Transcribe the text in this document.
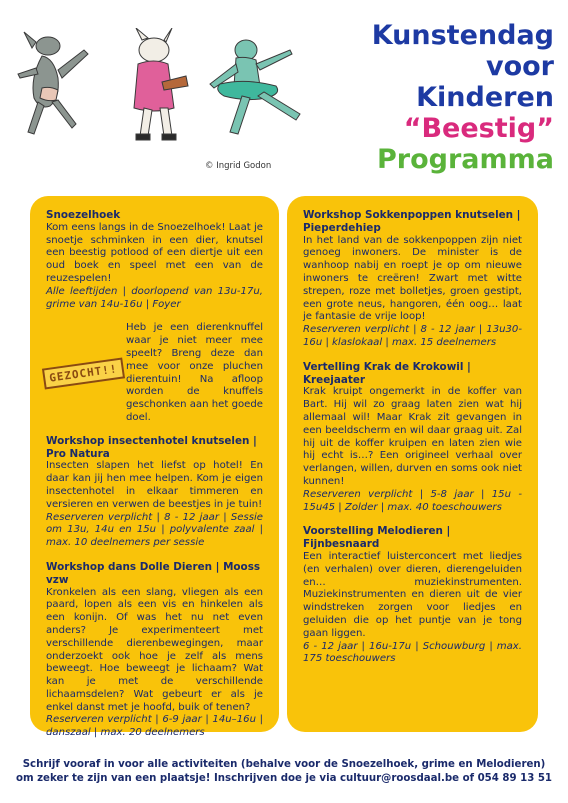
© Ingrid Godon
Kunstendag
voor
Kinderen
“Beestig”
Programma
Snoezelhoek

Kom eens langs in de Snoezelhoek! Laat je snoetje schminken in een dier, knutsel een beestig potlood of een diertje uit een oud boek en speel met een van de reuzespelen!

Alle leeftijden | doorlopend van 13u-17u, grime van 14u-16u | Foyer

GEZOCHT!!

Heb je een dierenknuffel waar je niet meer mee speelt? Breng deze dan mee voor onze pluchen dierentuin! Na afloop worden de knuffels geschonken aan het goede doel.

Workshop insectenhotel knutselen | Pro Natura

Insecten slapen het liefst op hotel! En daar kan jij hen mee helpen. Kom je eigen insectenhotel in elkaar timmeren en versieren en verwen de beestjes in je tuin!

Reserveren verplicht | 8 - 12 jaar | Sessie om 13u, 14u en 15u | polyvalente zaal | max. 10 deelnemers per sessie

Workshop dans Dolle Dieren | Mooss vzw

Kronkelen als een slang, vliegen als een paard, lopen als een vis en hinkelen als een konijn. Of was het nu net even anders? Je experimenteert met verschillende dierenbewegingen, maar onderzoekt ook hoe je zelf als mens beweegt. Hoe beweegt je lichaam? Wat kan je met de verschillende lichaamsdelen? Wat gebeurt er als je enkel danst met je hoofd, buik of tenen?

Reserveren verplicht | 6-9 jaar | 14u–16u | danszaal | max. 20 deelnemers

Workshop Sokkenpoppen knutselen | Pieperdehiep

In het land van de sokkenpoppen zijn niet genoeg inwoners. De minister is de wanhoop nabij en roept je op om nieuwe inwoners te creëren! Zwart met witte strepen, roze met bolletjes, groen gestipt, een grote neus, hangoren, één oog… laat je fantasie de vrije loop!

Reserveren verplicht | 8 - 12 jaar | 13u30-16u | klaslokaal | max. 15 deelnemers

Vertelling Krak de Krokowil | Kreejaater

Krak kruipt ongemerkt in de koffer van Bart. Hij wil zo graag laten zien wat hij allemaal wil! Maar Krak zit gevangen in een beeldscherm en wil daar graag uit. Zal hij uit de koffer kruipen en laten zien wie hij echt is…? Een origineel verhaal over verlangen, willen, durven en soms ook niet kunnen!

Reserveren verplicht | 5-8 jaar | 15u - 15u45 | Zolder | max. 40 toeschouwers

Voorstelling Melodieren | Fijnbesnaard

Een interactief luisterconcert met liedjes (en verhalen) over dieren, dierengeluiden en… muziekinstrumenten. Muziekinstrumenten en dieren uit de vier windstreken zorgen voor liedjes en geluiden die op het puntje van je tong gaan liggen.

6 - 12 jaar | 16u-17u | Schouwburg | max. 175 toeschouwers

Schrijf vooraf in voor alle activiteiten (behalve voor de Snoezelhoek, grime en Melodieren)
om zeker te zijn van een plaatsje! Inschrijven doe je via cultuur@roosdaal.be of 054 89 13 51
